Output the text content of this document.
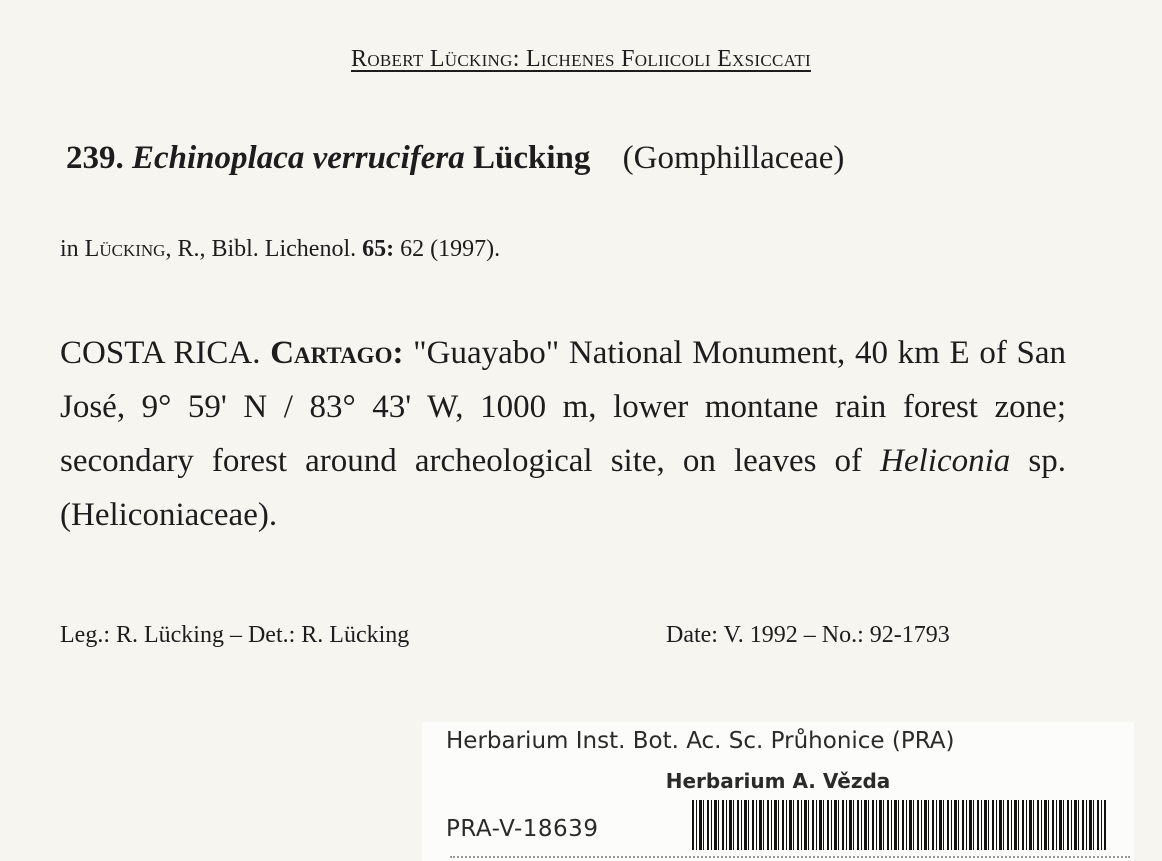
Robert Lücking: Lichenes Foliicoli Exsiccati
239. Echinoplaca verrucifera Lücking (Gomphillaceae)
in Lücking, R., Bibl. Lichenol. 65: 62 (1997).
COSTA RICA. Cartago: "Guayabo" National Monument, 40 km E of San José, 9° 59' N / 83° 43' W, 1000 m, lower montane rain forest zone; secondary forest around archeological site, on leaves of Heliconia sp. (Heliconiaceae).
Leg.: R. Lücking – Det.: R. Lücking	Date: V. 1992 – No.: 92-1793
Herbarium Inst. Bot. Ac. Sc. Průhonice (PRA)
Herbarium A. Vězda
PRA-V-18639
